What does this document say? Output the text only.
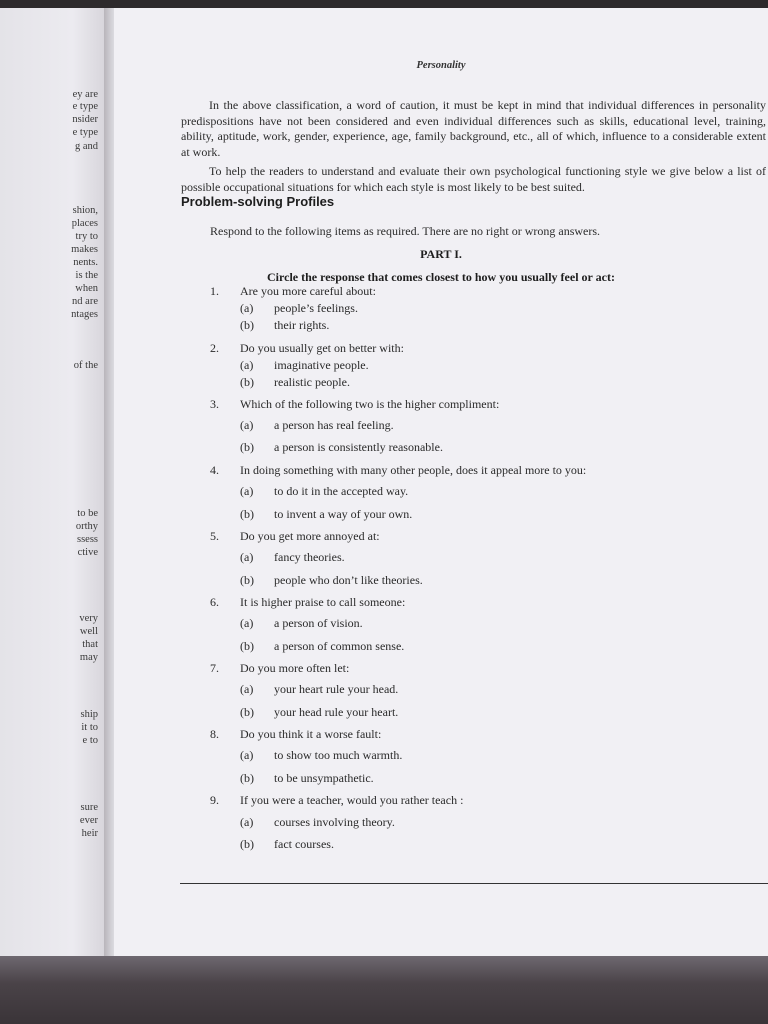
ey are
e type
nsider
e type
g and
shion,
places
try to
makes
nents.
is the
when
nd are
ntages
of the
to be
orthy
ssess
ctive
very
well
that
may
ship
it to
e to
sure
ever
heir
Personality
In the above classification, a word of caution, it must be kept in mind that individual differences in personality predispositions have not been considered and even individual differences such as skills, educational level, training, ability, aptitude, work, gender, experience, age, family background, etc., all of which, influence to a considerable extent at work.
To help the readers to understand and evaluate their own psychological functioning style we give below a list of possible occupational situations for which each style is most likely to be best suited.
Problem-solving Profiles
Respond to the following items as required. There are no right or wrong answers.
PART I.
Circle the response that comes closest to how you usually feel or act:
1.	Are you more careful about:
(a) people’s feelings.
(b) their rights.
2.	Do you usually get on better with:
(a) imaginative people.
(b) realistic people.
3.	Which of the following two is the higher compliment:
(a) a person has real feeling.
(b) a person is consistently reasonable.
4.	In doing something with many other people, does it appeal more to you:
(a) to do it in the accepted way.
(b) to invent a way of your own.
5.	Do you get more annoyed at:
(a) fancy theories.
(b) people who don’t like theories.
6.	It is higher praise to call someone:
(a) a person of vision.
(b) a person of common sense.
7.	Do you more often let:
(a) your heart rule your head.
(b) your head rule your heart.
8.	Do you think it a worse fault:
(a) to show too much warmth.
(b) to be unsympathetic.
9.	If you were a teacher, would you rather teach :
(a) courses involving theory.
(b) fact courses.
